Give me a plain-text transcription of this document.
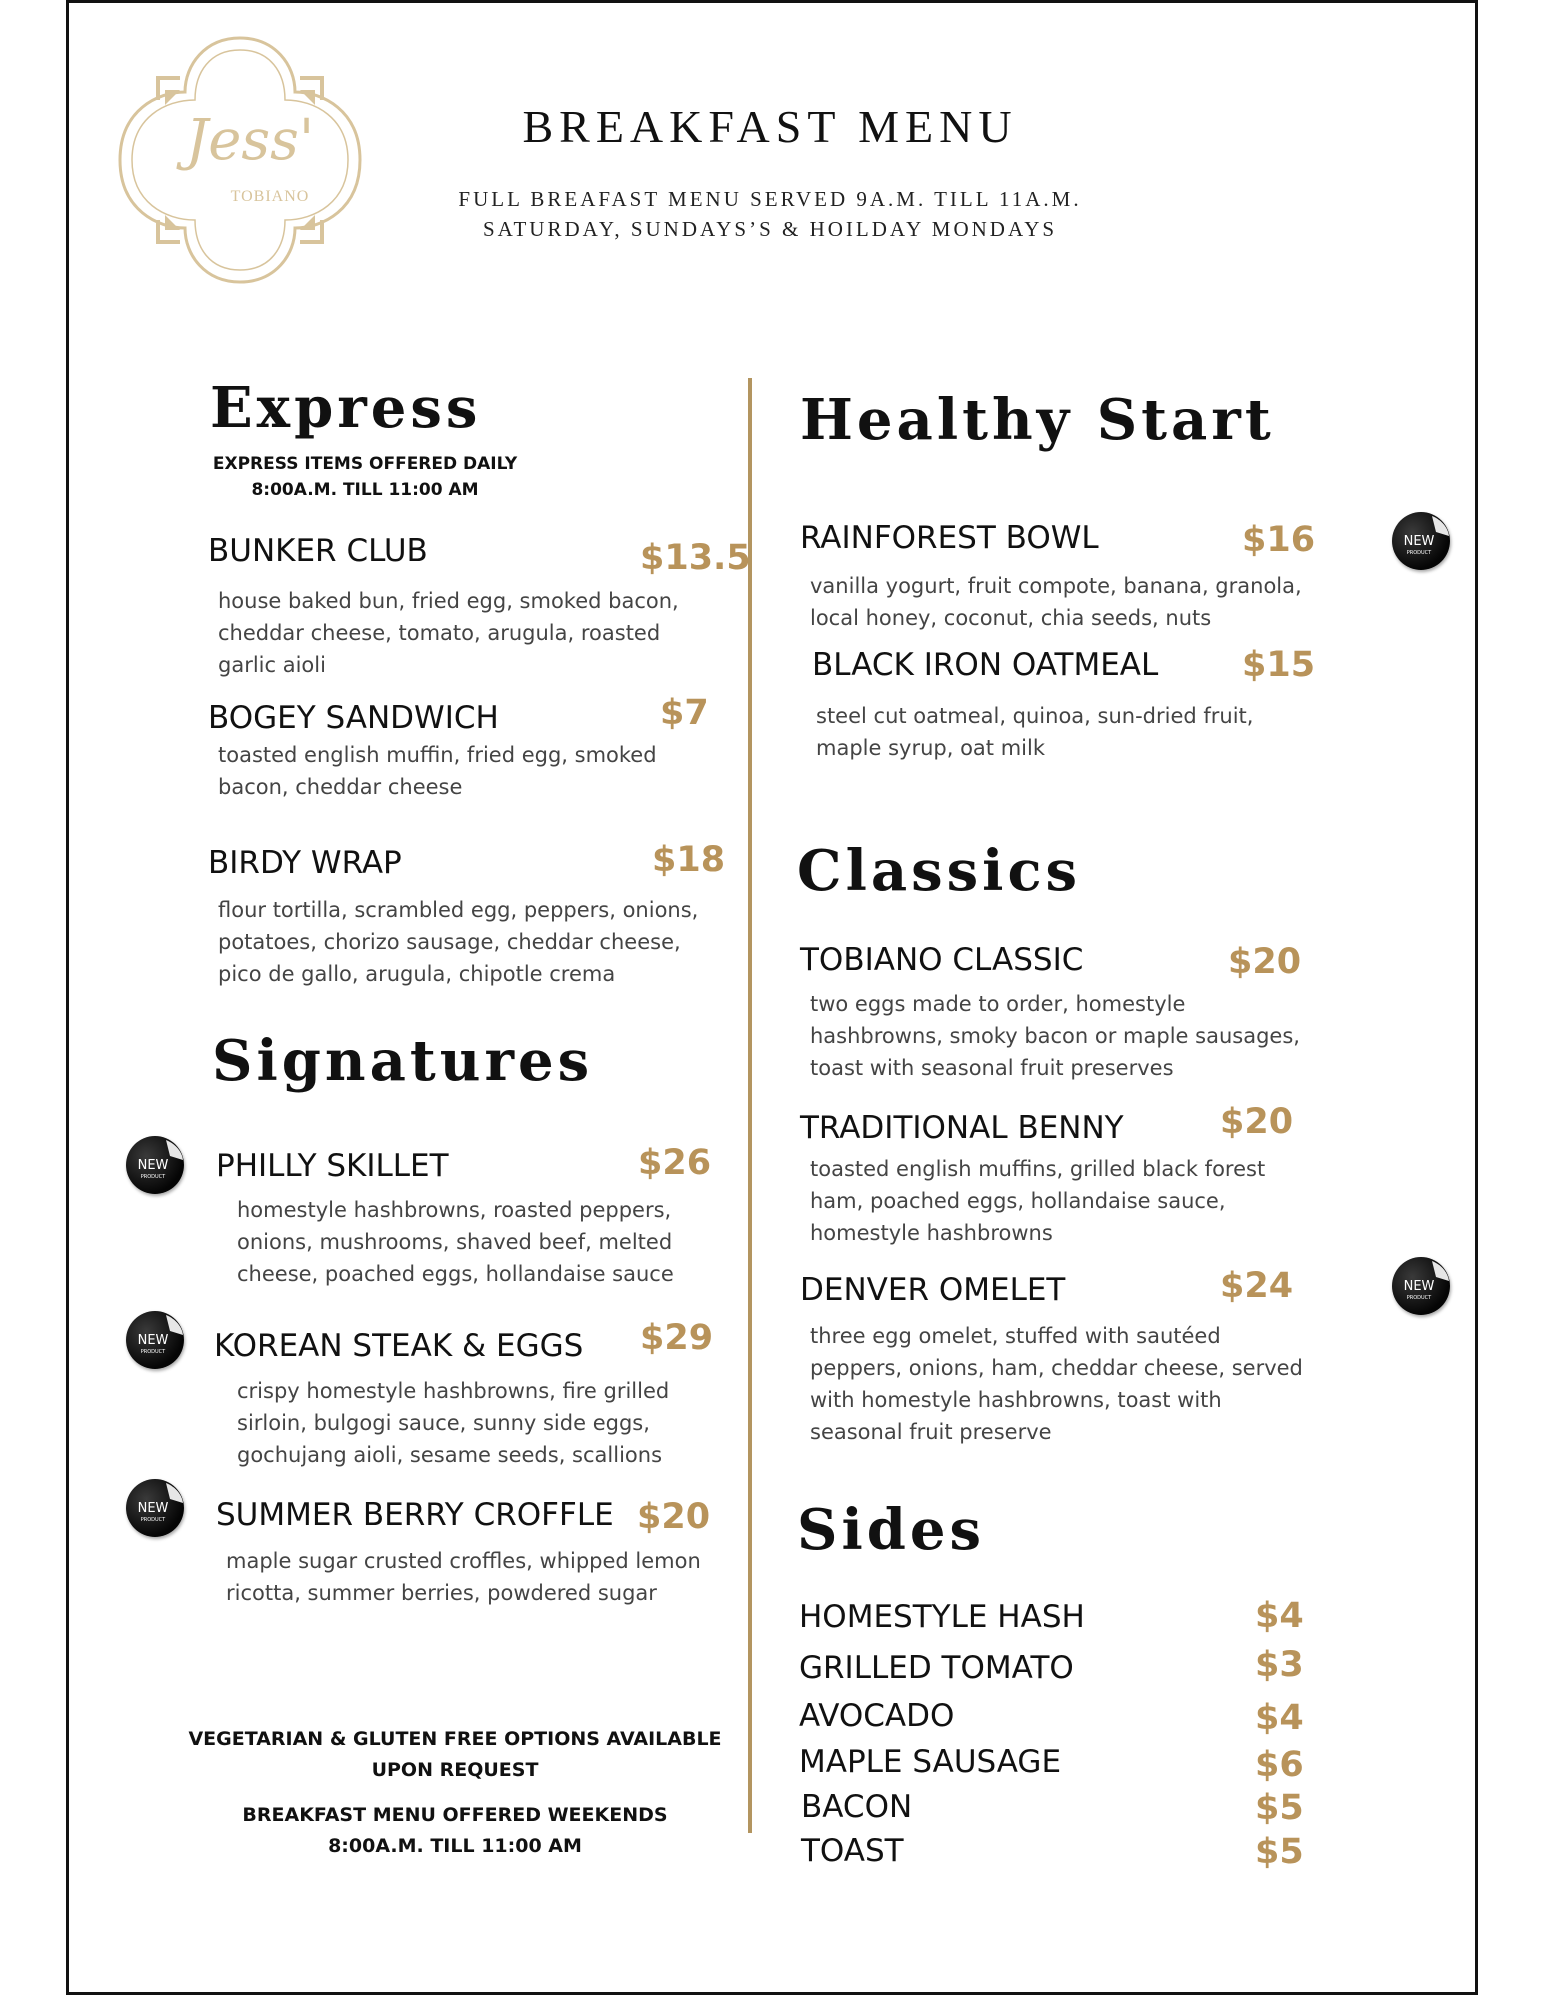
Jess'
TOBIANO
BREAKFAST MENU
FULL BREAFAST MENU SERVED 9A.M. TILL 11A.M.
SATURDAY, SUNDAYS’S & HOILDAY MONDAYS
Express
EXPRESS ITEMS OFFERED DAILY
8:00A.M. TILL 11:00 AM
BUNKER CLUB	$13.5
house baked bun, fried egg, smoked bacon,
cheddar cheese, tomato, arugula, roasted
garlic aioli
BOGEY SANDWICH	$7
toasted english muffin, fried egg, smoked
bacon, cheddar cheese
BIRDY WRAP	$18
flour tortilla, scrambled egg, peppers, onions,
potatoes, chorizo sausage, cheddar cheese,
pico de gallo, arugula, chipotle crema
Signatures
NEW
PRODUCT PHILLY SKILLET	$26
homestyle hashbrowns, roasted peppers,
onions, mushrooms, shaved beef, melted
cheese, poached eggs, hollandaise sauce
NEW
PRODUCT KOREAN STEAK & EGGS $29
crispy homestyle hashbrowns, fire grilled
sirloin, bulgogi sauce, sunny side eggs,
gochujang aioli, sesame seeds, scallions
NEW
PRODUCT SUMMER BERRY CROFFLE $20
maple sugar crusted croffles, whipped lemon
ricotta, summer berries, powdered sugar
VEGETARIAN & GLUTEN FREE OPTIONS AVAILABLE
UPON REQUEST
BREAKFAST MENU OFFERED WEEKENDS
8:00A.M. TILL 11:00 AM
Healthy Start
RAINFOREST BOWL	$16	NEW
PRODUCT
vanilla yogurt, fruit compote, banana, granola,
local honey, coconut, chia seeds, nuts
BLACK IRON OATMEAL $15
steel cut oatmeal, quinoa, sun-dried fruit,
maple syrup, oat milk
Classics
TOBIANO CLASSIC	$20
two eggs made to order, homestyle
hashbrowns, smoky bacon or maple sausages,
toast with seasonal fruit preserves
TRADITIONAL BENNY	$20
toasted english muffins, grilled black forest
ham, poached eggs, hollandaise sauce,
homestyle hashbrowns
DENVER OMELET	$24	NEW
PRODUCT
three egg omelet, stuffed with sautéed
peppers, onions, ham, cheddar cheese, served
with homestyle hashbrowns, toast with
seasonal fruit preserve
Sides
HOMESTYLE HASH	$4
GRILLED TOMATO	$3
AVOCADO	$4
MAPLE SAUSAGE	$6
BACON	$5
TOAST	$5
